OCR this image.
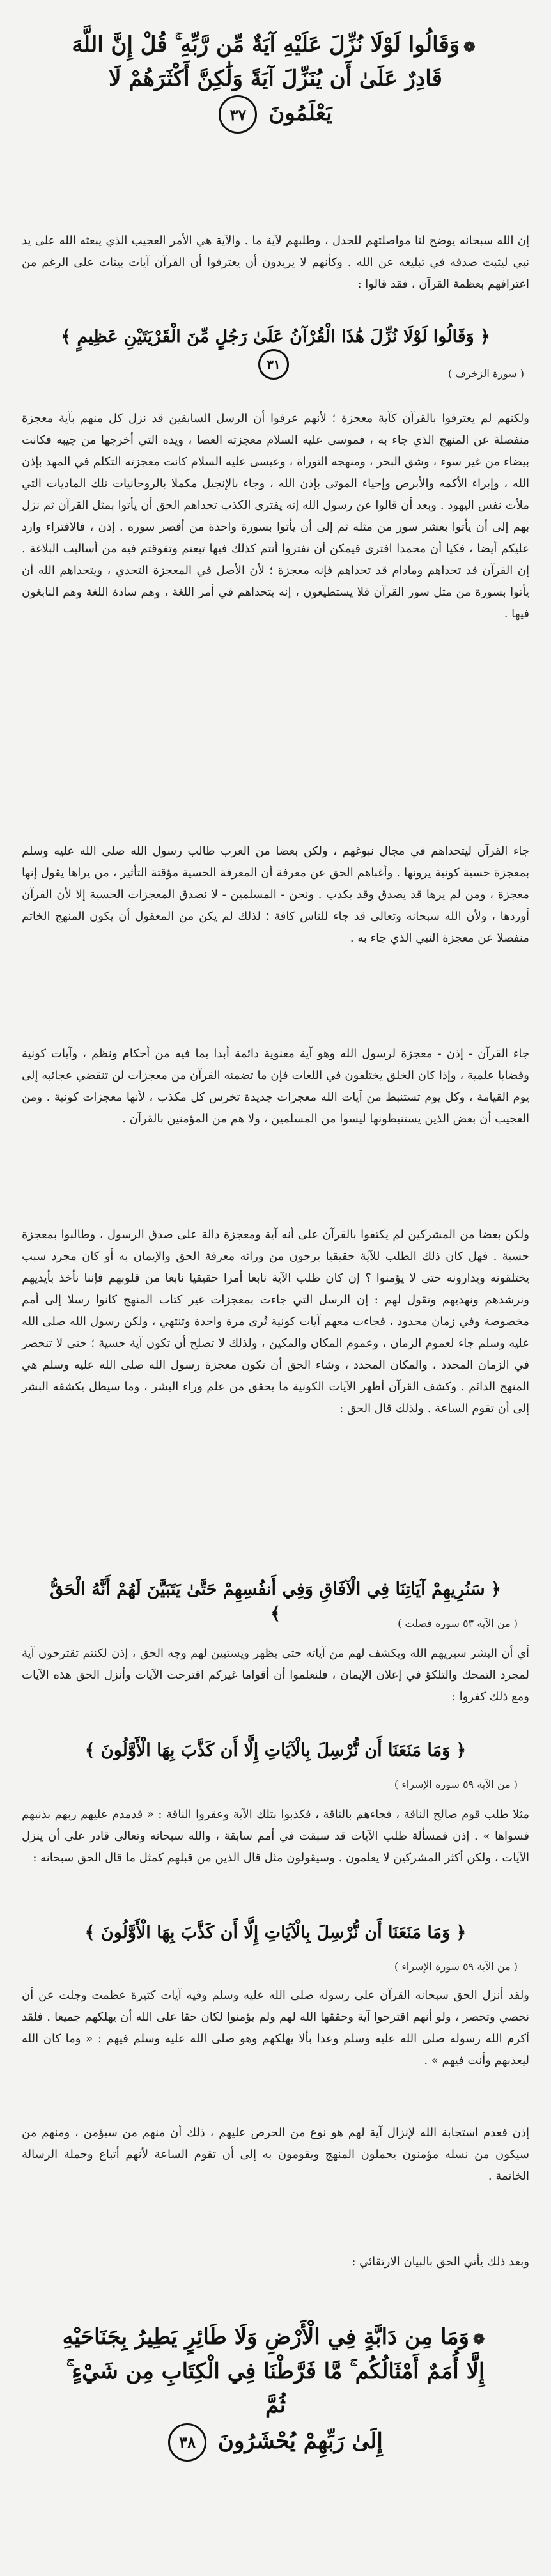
❁وَقَالُوا لَوْلَا نُزِّلَ عَلَيْهِ آيَةٌ مِّن رَّبِّهِ ۚ قُلْ إِنَّ اللَّهَ
قَادِرٌ عَلَىٰ أَن يُنَزِّلَ آيَةً وَلَٰكِنَّ أَكْثَرَهُمْ لَا
يَعْلَمُونَ ٣٧
إن الله سبحانه يوضح لنا مواصلتهم للجدل ، وطلبهم لآية ما . والآية هي الأمر العجيب الذي يبعثه الله على يد نبي ليثبت صدقه في تبليغه عن الله . وكأنهم لا يريدون أن يعترفوا أن القرآن آيات بينات على الرغم من اعترافهم بعظمة القرآن ، فقد قالوا :
﴿ وَقَالُوا لَوْلَا نُزِّلَ هَٰذَا الْقُرْآنُ عَلَىٰ رَجُلٍ مِّنَ الْقَرْيَتَيْنِ عَظِيمٍ ﴾ ٣١
( سورة الزخرف )
ولكنهم لم يعترفوا بالقرآن كآية معجزة ؛ لأنهم عرفوا أن الرسل السابقين قد نزل كل منهم بآية معجزة منفصلة عن المنهج الذي جاء به ، فموسى عليه السلام معجزته العصا ، ويده التي أخرجها من جيبه فكانت بيضاء من غير سوء ، وشق البحر ، ومنهجه التوراة ، وعيسى عليه السلام كانت معجزته التكلم في المهد بإذن الله ، وإبراء الأكمه والأبرص وإحياء الموتى بإذن الله ، وجاء بالإنجيل مكملا بالروحانيات تلك الماديات التي ملأت نفس اليهود . وبعد أن قالوا عن رسول الله إنه يفترى الكذب تحداهم الحق أن يأتوا بمثل القرآن ثم نزل بهم إلى أن يأتوا بعشر سور من مثله ثم إلى أن يأتوا بسورة واحدة من أقصر سوره . إذن ، فالافتراء وارد عليكم أيضا ، فكيا أن محمدا افترى فيمكن أن تفتروا أنتم كذلك فيها تبعتم وتفوقتم فيه من أساليب البلاغة . إن القرآن قد تحداهم ومادام قد تحداهم فإنه معجزة ؛ لأن الأصل في المعجزة التحدي ، ويتحداهم الله أن يأتوا بسورة من مثل سور القرآن فلا يستطيعون ، إنه يتحداهم في أمر اللغة ، وهم سادة اللغة وهم النابغون فيها .
جاء القرآن ليتحداهم في مجال نبوغهم ، ولكن بعضا من العرب طالب رسول الله صلى الله عليه وسلم بمعجزة حسية كونية يرونها . وأغباهم الحق عن معرفة أن المعرفة الحسية مؤقتة التأثير ، من يراها يقول إنها معجزة ، ومن لم يرها قد يصدق وقد يكذب . ونحن - المسلمين - لا نصدق المعجزات الحسية إلا لأن القرآن أوردها ، ولأن الله سبحانه وتعالى قد جاء للناس كافة ؛ لذلك لم يكن من المعقول أن يكون المنهج الخاتم منفصلا عن معجزة النبي الذي جاء به .
جاء القرآن - إذن - معجزة لرسول الله وهو آية معنوية دائمة أبدا بما فيه من أحكام ونظم ، وآيات كونية وقضايا علمية ، وإذا كان الخلق يختلفون في اللغات فإن ما تضمنه القرآن من معجزات لن تنقضي عجائبه إلى يوم القيامة ، وكل يوم تستنبط من آيات الله معجزات جديدة تخرس كل مكذب ، لأنها معجزات كونية . ومن العجيب أن بعض الذين يستنبطونها ليسوا من المسلمين ، ولا هم من المؤمنين بالقرآن .
ولكن بعضا من المشركين لم يكتفوا بالقرآن على أنه آية ومعجزة دالة على صدق الرسول ، وطالبوا بمعجزة حسية . فهل كان ذلك الطلب للآية حقيقيا يرجون من ورائه معرفة الحق والإيمان به أو كان مجرد سبب يختلقونه ويدارونه حتى لا يؤمنوا ؟ إن كان طلب الآية نابعا أمرا حقيقيا نابعا من قلوبهم فإننا نأخذ بأيديهم ونرشدهم ونهديهم ونقول لهم : إن الرسل التي جاءت بمعجزات غير كتاب المنهج كانوا رسلا إلى أمم مخصوصة وفي زمان محدود ، فجاءت معهم آيات كونية تُرى مرة واحدة وتنتهي ، ولكن رسول الله صلى الله عليه وسلم جاء لعموم الزمان ، وعموم المكان والمكين ، ولذلك لا تصلح أن تكون آية حسية ؛ حتى لا تنحصر في الزمان المحدد ، والمكان المحدد ، وشاء الحق أن تكون معجزة رسول الله صلى الله عليه وسلم هي المنهج الدائم . وكشف القرآن أظهر الآيات الكونية ما يحقق من علم وراء البشر ، وما سيظل يكشفه البشر إلى أن تقوم الساعة . ولذلك قال الحق :
﴿ سَنُرِيهِمْ آيَاتِنَا فِي الْآفَاقِ وَفِي أَنفُسِهِمْ حَتَّىٰ يَتَبَيَّنَ لَهُمْ أَنَّهُ الْحَقُّ ﴾	( من الآية ٥٣ سورة فصلت )
أي أن البشر سيريهم الله ويكشف لهم من آياته حتى يظهر ويستبين لهم وجه الحق ، إذن لكنتم تقترحون آية لمجرد التمحك والتلكؤ في إعلان الإيمان ، فلنعلموا أن أقواما غيركم اقترحت الآيات وأنزل الحق هذه الآيات ومع ذلك كفروا :
﴿ وَمَا مَنَعَنَا أَن نُّرْسِلَ بِالْآيَاتِ إِلَّا أَن كَذَّبَ بِهَا الْأَوَّلُونَ ﴾
( من الآية ٥٩ سورة الإسراء )
مثلا طلب قوم صالح الناقة ، فجاءهم بالناقة ، فكذبوا بتلك الآية وعقروا الناقة : « فدمدم عليهم ربهم بذنبهم فسواها » . إذن فمسألة طلب الآيات قد سبقت في أمم سابقة ، والله سبحانه وتعالى قادر على أن ينزل الآيات ، ولكن أكثر المشركين لا يعلمون . وسيقولون مثل قال الذين من قبلهم كمثل ما قال الحق سبحانه :
﴿ وَمَا مَنَعَنَا أَن نُّرْسِلَ بِالْآيَاتِ إِلَّا أَن كَذَّبَ بِهَا الْأَوَّلُونَ ﴾
( من الآية ٥٩ سورة الإسراء )
ولقد أنزل الحق سبحانه القرآن على رسوله صلى الله عليه وسلم وفيه آيات كثيرة عظمت وجلت عن أن نحصي وتحصر ، ولو أنهم اقترحوا آية وحققها الله لهم ولم يؤمنوا لكان حقا على الله أن يهلكهم جميعا . فلقد أكرم الله رسوله صلى الله عليه وسلم وعدا بألا يهلكهم وهو صلى الله عليه وسلم فيهم : « وما كان الله ليعذبهم وأنت فيهم » .
إذن فعدم استجابة الله لإنزال آية لهم هو نوع من الحرص عليهم ، ذلك أن منهم من سيؤمن ، ومنهم من سيكون من نسله مؤمنون يحملون المنهج ويقومون به إلى أن تقوم الساعة لأنهم أتباع وحملة الرسالة الخاتمة .
وبعد ذلك يأتي الحق بالبيان الارتقائي :
❁وَمَا مِن دَابَّةٍ فِي الْأَرْضِ وَلَا طَائِرٍ يَطِيرُ بِجَنَاحَيْهِ
إِلَّا أُمَمٌ أَمْثَالُكُم ۚ مَّا فَرَّطْنَا فِي الْكِتَابِ مِن شَيْءٍ ۚ ثُمَّ
إِلَىٰ رَبِّهِمْ يُحْشَرُونَ ٣٨
